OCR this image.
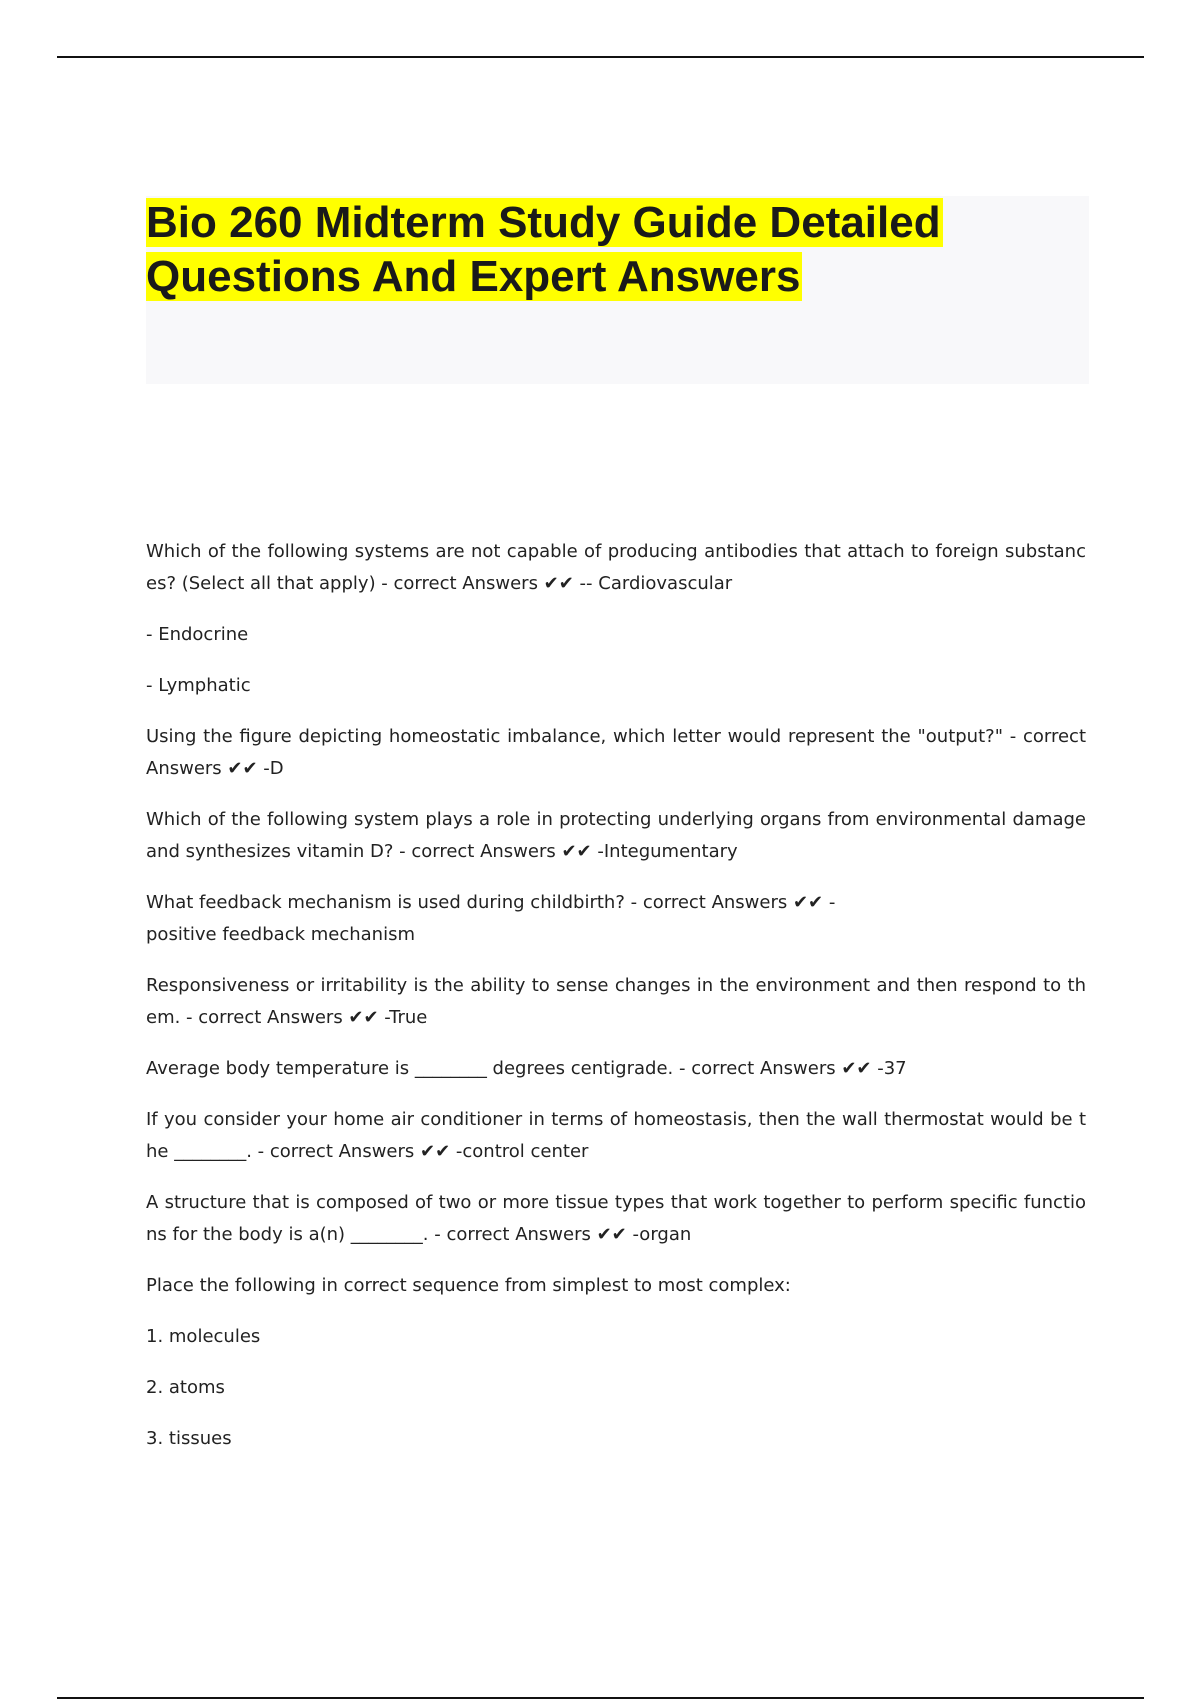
Bio 260 Midterm Study Guide Detailed Questions And Expert Answers

Which of the following systems are not capable of producing antibodies that attach to foreign substances? (Select all that apply) - correct Answers ✔✔ -- Cardiovascular

- Endocrine

- Lymphatic

Using the figure depicting homeostatic imbalance, which letter would represent the "output?" - correct Answers ✔✔ -D

Which of the following system plays a role in protecting underlying organs from environmental damage and synthesizes vitamin D? - correct Answers ✔✔ -Integumentary

What feedback mechanism is used during childbirth? - correct Answers ✔✔ - positive feedback mechanism

Responsiveness or irritability is the ability to sense changes in the environment and then respond to them. - correct Answers ✔✔ -True

Average body temperature is ________ degrees centigrade. - correct Answers ✔✔ -37

If you consider your home air conditioner in terms of homeostasis, then the wall thermostat would be the ________. - correct Answers ✔✔ -control center

A structure that is composed of two or more tissue types that work together to perform specific functions for the body is a(n) ________. - correct Answers ✔✔ -organ

Place the following in correct sequence from simplest to most complex:

1. molecules

2. atoms

3. tissues
